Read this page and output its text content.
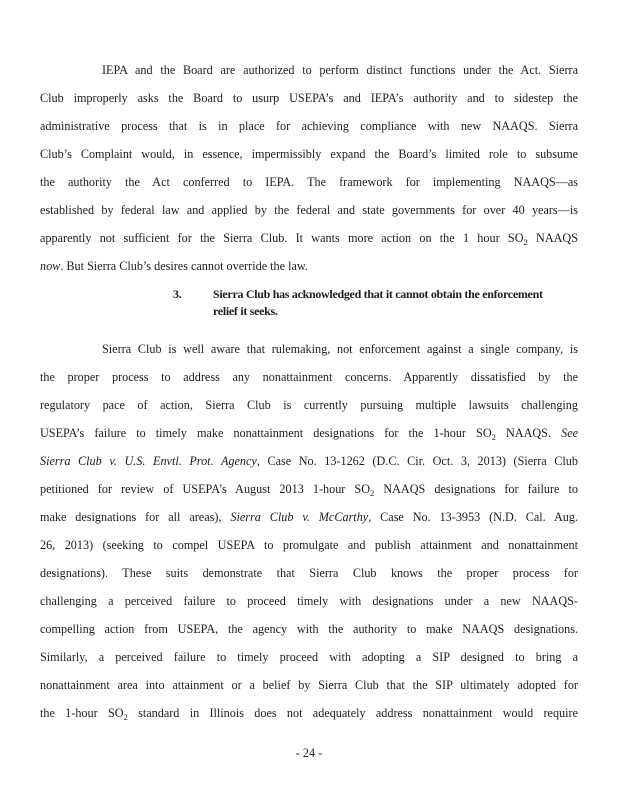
IEPA and the Board are authorized to perform distinct functions under the Act. Sierra
Club improperly asks the Board to usurp USEPA’s and IEPA’s authority and to sidestep the
administrative process that is in place for achieving compliance with new NAAQS. Sierra
Club’s Complaint would, in essence, impermissibly expand the Board’s limited role to subsume
the authority the Act conferred to IEPA. The framework for implementing NAAQS—as
established by federal law and applied by the federal and state governments for over 40 years—is
apparently not sufficient for the Sierra Club. It wants more action on the 1 hour $SO_2$ NAAQS
now. But Sierra Club’s desires cannot override the law.
3.	Sierra Club has acknowledged that it cannot obtain the enforcement
relief it seeks.
Sierra Club is well aware that rulemaking, not enforcement against a single company, is
the proper process to address any nonattainment concerns. Apparently dissatisfied by the
regulatory pace of action, Sierra Club is currently pursuing multiple lawsuits challenging
USEPA’s failure to timely make nonattainment designations for the 1-hour $SO_2$ NAAQS. See
Sierra Club v. U.S. Envtl. Prot. Agency, Case No. 13-1262 (D.C. Cir. Oct. 3, 2013) (Sierra Club
petitioned for review of USEPA’s August 2013 1-hour $SO_2$ NAAQS designations for failure to
make designations for all areas), Sierra Club v. McCarthy, Case No. 13-3953 (N.D. Cal. Aug.
26, 2013) (seeking to compel USEPA to promulgate and publish attainment and nonattainment
designations). These suits demonstrate that Sierra Club knows the proper process for
challenging a perceived failure to proceed timely with designations under a new NAAQS-
compelling action from USEPA, the agency with the authority to make NAAQS designations.
Similarly, a perceived failure to timely proceed with adopting a SIP designed to bring a
nonattainment area into attainment or a belief by Sierra Club that the SIP ultimately adopted for
the 1-hour $SO_2$ standard in Illinois does not adequately address nonattainment would require
- 24 -
